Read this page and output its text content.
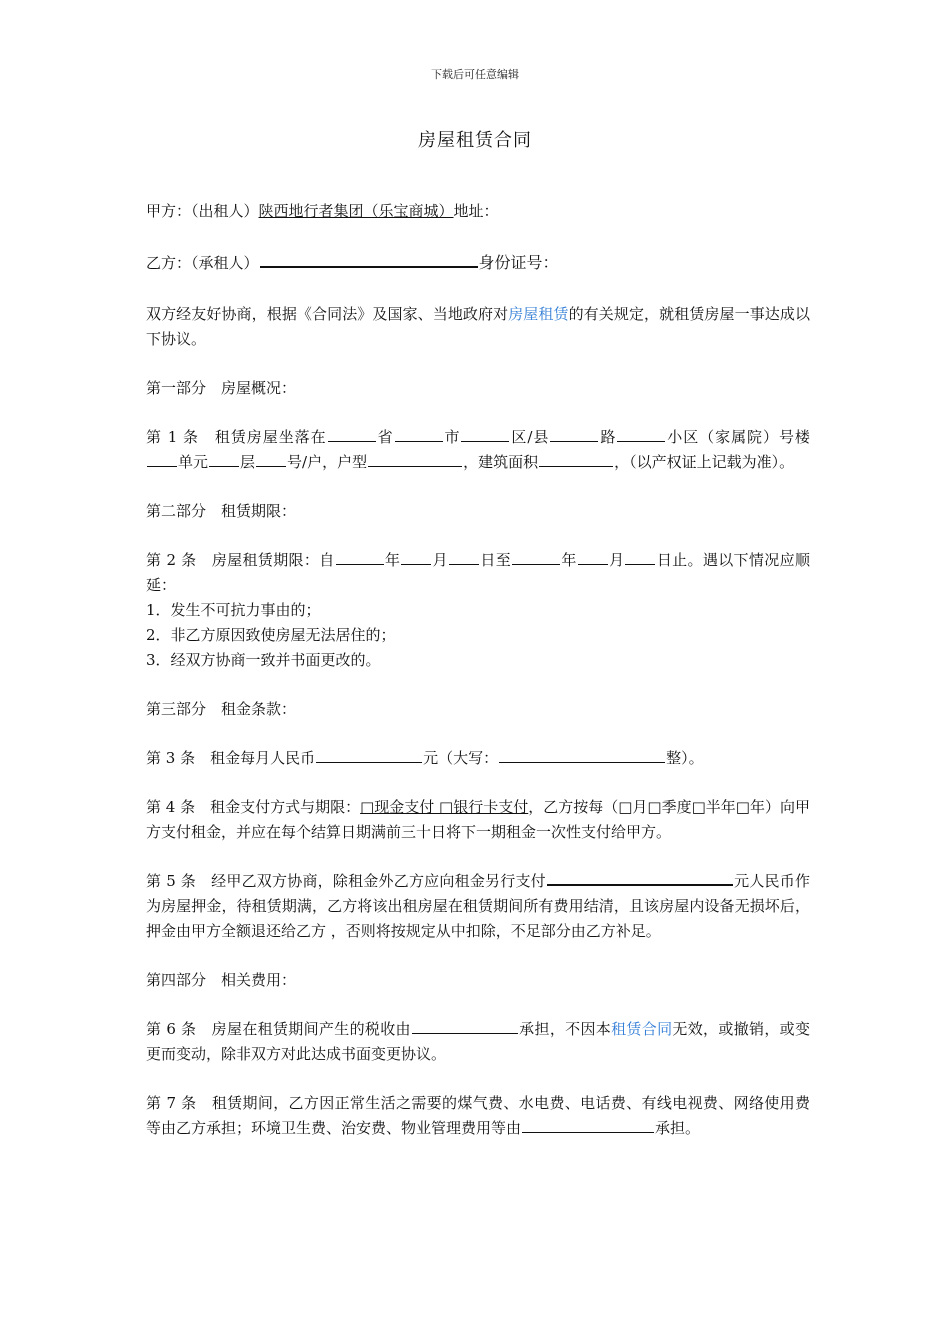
下载后可任意编辑
房屋租赁合同

甲方：（出租人）陕西地行者集团（乐宝商城）地址：

乙方：（承租人）	身份证号：

双方经友好协商，根据《合同法》及国家、当地政府对房屋租赁的有关规定，就租赁房屋一事达成以下协议。

第一部分　房屋概况：

第 1 条　租赁房屋坐落在	省	市	区/县	路	小区（家属院）号楼单元 层 号/户，户型	，建筑面积	，（以产权证上记载为准）。

第二部分　租赁期限：

第 2 条　房屋租赁期限：自	年 月 日至	年 月 日止。遇以下情况应顺延：

1．发生不可抗力事由的；

2．非乙方原因致使房屋无法居住的；

3．经双方协商一致并书面更改的。

第三部分　租金条款：

第 3 条　租金每月人民币	元（大写：	整）。

第 4 条　租金支付方式与期限：□现金支付 □银行卡支付，乙方按每（□月□季度□半年□年）向甲方支付租金，并应在每个结算日期满前三十日将下一期租金一次性支付给甲方。

第 5 条　经甲乙双方协商，除租金外乙方应向租金另行支付	元人民币作为房屋押金，待租赁期满，乙方将该出租房屋在租赁期间所有费用结清，且该房屋内设备无损坏后，押金由甲方全额退还给乙方 ，否则将按规定从中扣除，不足部分由乙方补足。

第四部分　相关费用：

第 6 条　房屋在租赁期间产生的税收由	承担，不因本租赁合同无效，或撤销，或变更而变动，除非双方对此达成书面变更协议。

第 7 条　租赁期间，乙方因正常生活之需要的煤气费、水电费、电话费、有线电视费、网络使用费等由乙方承担；环境卫生费、治安费、物业管理费用等由	承担。
